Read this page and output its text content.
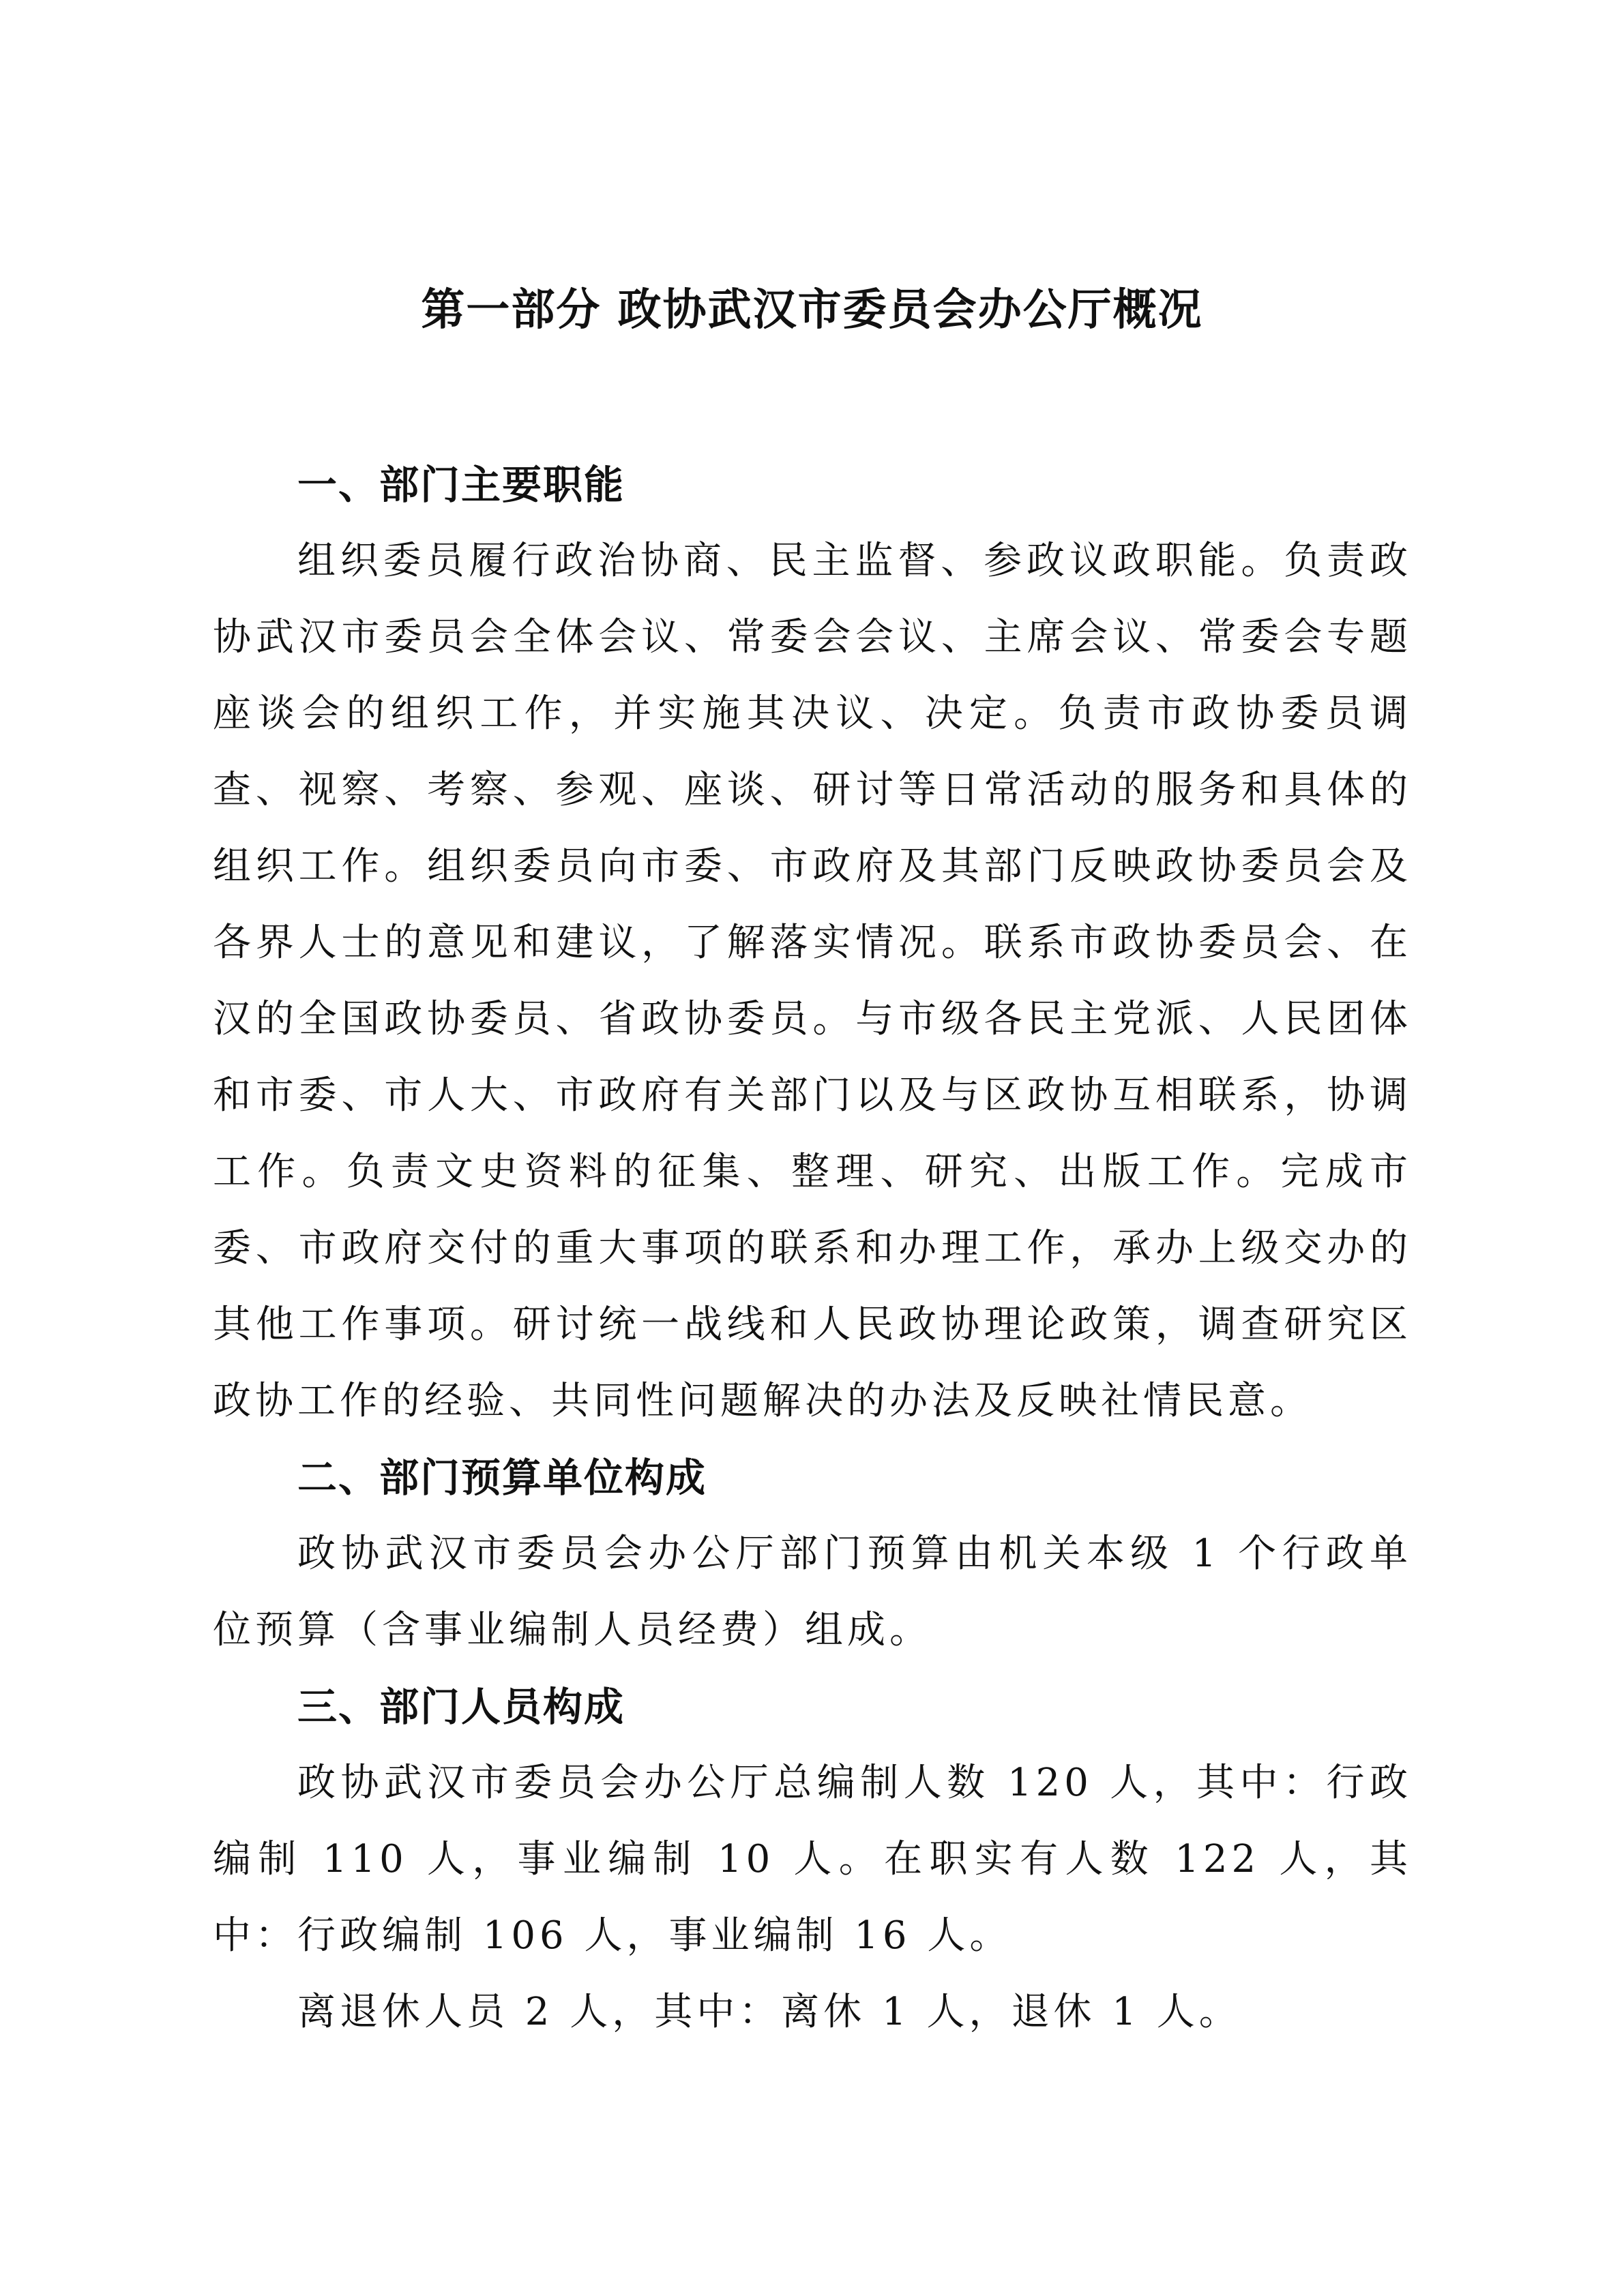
第一部分 政协武汉市委员会办公厅概况
一、部门主要职能

组织委员履行政治协商、民主监督、参政议政职能。负责政协武汉市委员会全体会议、常委会会议、主席会议、常委会专题座谈会的组织工作，并实施其决议、决定。负责市政协委员调查、视察、考察、参观、座谈、研讨等日常活动的服务和具体的组织工作。组织委员向市委、市政府及其部门反映政协委员会及各界人士的意见和建议，了解落实情况。联系市政协委员会、在汉的全国政协委员、省政协委员。与市级各民主党派、人民团体和市委、市人大、市政府有关部门以及与区政协互相联系，协调工作。负责文史资料的征集、整理、研究、出版工作。完成市委、市政府交付的重大事项的联系和办理工作，承办上级交办的其他工作事项。研讨统一战线和人民政协理论政策，调查研究区政协工作的经验、共同性问题解决的办法及反映社情民意。

二、部门预算单位构成

政协武汉市委员会办公厅部门预算由机关本级 1 个行政单位预算（含事业编制人员经费）组成。

三、部门人员构成

政协武汉市委员会办公厅总编制人数 120 人，其中：行政编制 110 人，事业编制 10 人。在职实有人数 122 人，其中：行政编制 106 人，事业编制 16 人。

离退休人员 2 人，其中：离休 1 人，退休 1 人。
